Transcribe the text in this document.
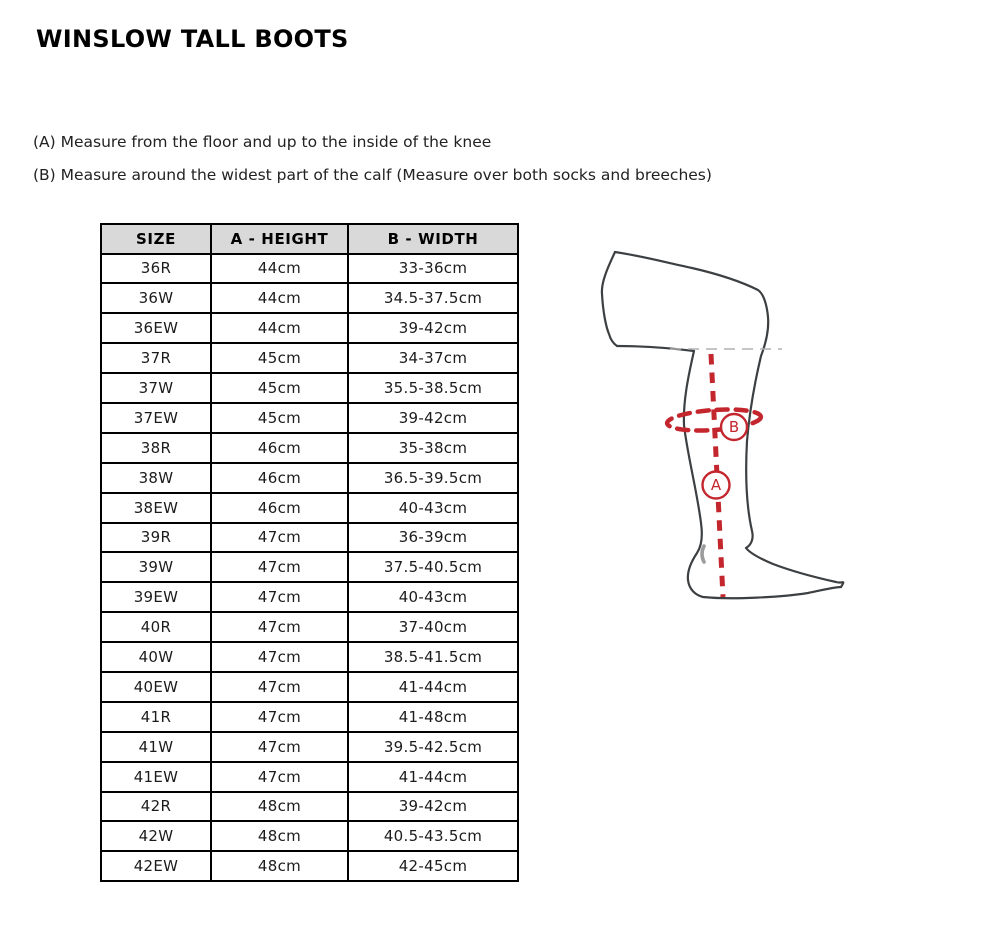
WINSLOW TALL BOOTS

(A) Measure from the floor and up to the inside of the knee

(B) Measure around the widest part of the calf (Measure over both socks and breeches)

SIZE	A - HEIGHT	B - WIDTH
36R	44cm	33-36cm
36W	44cm	34.5-37.5cm
36EW	44cm	39-42cm
37R	45cm	34-37cm
37W	45cm	35.5-38.5cm
37EW	45cm	39-42cm
38R	46cm	35-38cm
38W	46cm	36.5-39.5cm
38EW	46cm	40-43cm
39R	47cm	36-39cm
39W	47cm	37.5-40.5cm
39EW	47cm	40-43cm
40R	47cm	37-40cm
40W	47cm	38.5-41.5cm
40EW	47cm	41-44cm
41R	47cm	41-48cm
41W	47cm	39.5-42.5cm
41EW	47cm	41-44cm
42R	48cm	39-42cm
42W	48cm	40.5-43.5cm
42EW	48cm	42-45cm
B
A
